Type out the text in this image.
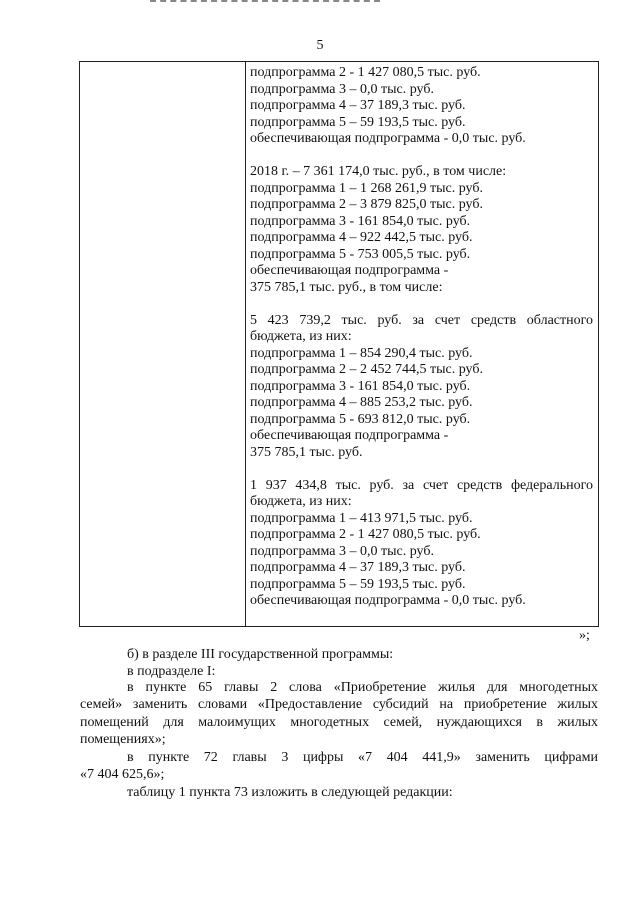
5
подпрограмма 2 - 1 427 080,5 тыс. руб.
подпрограмма 3 – 0,0 тыс. руб.
подпрограмма 4 – 37 189,3 тыс. руб.
подпрограмма 5 – 59 193,5 тыс. руб.
обеспечивающая подпрограмма - 0,0 тыс. руб.
2018 г. – 7 361 174,0 тыс. руб., в том числе:
подпрограмма 1 – 1 268 261,9 тыс. руб.
подпрограмма 2 – 3 879 825,0 тыс. руб.
подпрограмма 3 - 161 854,0 тыс. руб.
подпрограмма 4 – 922 442,5 тыс. руб.
подпрограмма 5 - 753 005,5 тыс. руб.
обеспечивающая подпрограмма -
375 785,1 тыс. руб., в том числе:
5 423 739,2 тыс. руб. за счет средств областного
бюджета, из них:
подпрограмма 1 – 854 290,4 тыс. руб.
подпрограмма 2 – 2 452 744,5 тыс. руб.
подпрограмма 3 - 161 854,0 тыс. руб.
подпрограмма 4 – 885 253,2 тыс. руб.
подпрограмма 5 - 693 812,0 тыс. руб.
обеспечивающая подпрограмма -
375 785,1 тыс. руб.
1 937 434,8 тыс. руб. за счет средств федерального
бюджета, из них:
подпрограмма 1 – 413 971,5 тыс. руб.
подпрограмма 2 - 1 427 080,5 тыс. руб.
подпрограмма 3 – 0,0 тыс. руб.
подпрограмма 4 – 37 189,3 тыс. руб.
подпрограмма 5 – 59 193,5 тыс. руб.
обеспечивающая подпрограмма - 0,0 тыс. руб.
»;
б) в разделе III государственной программы:
в подразделе I:
в пункте 65 главы 2 слова «Приобретение жилья для многодетных
семей» заменить словами «Предоставление субсидий на приобретение жилых
помещений для малоимущих многодетных семей, нуждающихся в жилых
помещениях»;
в пункте 72 главы 3 цифры «7 404 441,9» заменить цифрами
«7 404 625,6»;
таблицу 1 пункта 73 изложить в следующей редакции:
